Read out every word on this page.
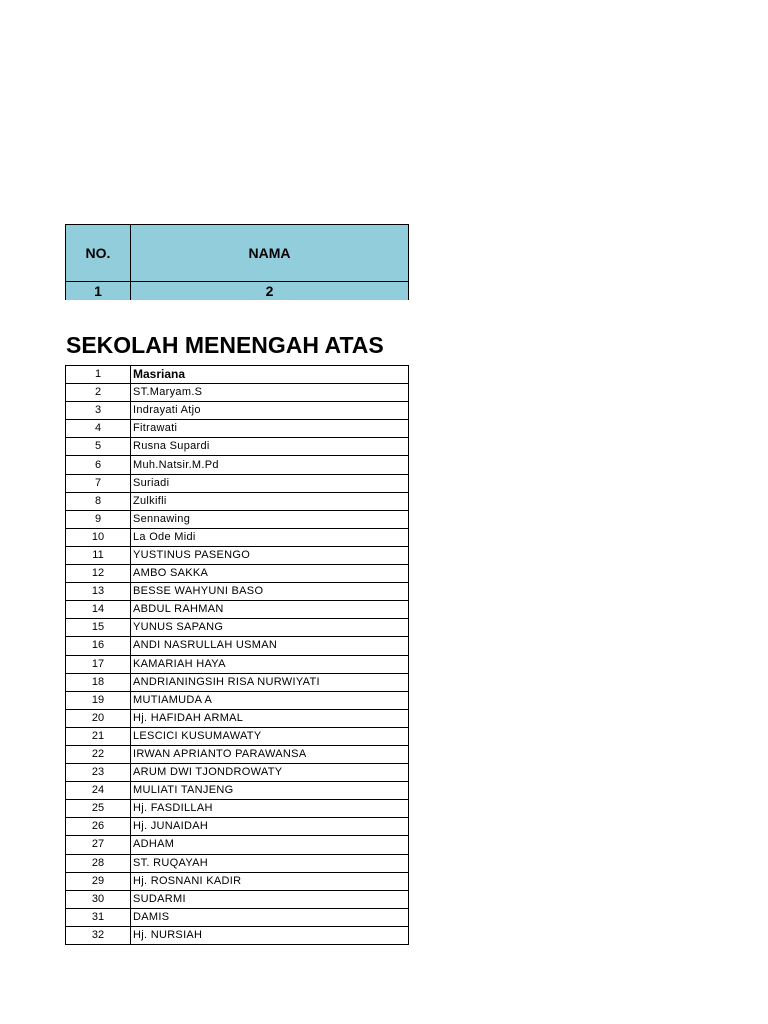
NO.	NAMA
1	2
SEKOLAH MENENGAH ATAS
1	Masriana
2	ST.Maryam.S
3	Indrayati Atjo
4	Fitrawati
5	Rusna Supardi
6	Muh.Natsir.M.Pd
7	Suriadi
8	Zulkifli
9	Sennawing
10	La Ode Midi
11	YUSTINUS PASENGO
12	AMBO SAKKA
13	BESSE WAHYUNI BASO
14	ABDUL RAHMAN
15	YUNUS SAPANG
16	ANDI NASRULLAH USMAN
17	KAMARIAH HAYA
18	ANDRIANINGSIH RISA NURWIYATI
19	MUTIAMUDA A
20	Hj. HAFIDAH ARMAL
21	LESCICI KUSUMAWATY
22	IRWAN APRIANTO PARAWANSA
23	ARUM DWI TJONDROWATY
24	MULIATI TANJENG
25	Hj. FASDILLAH
26	Hj. JUNAIDAH
27	ADHAM
28	ST. RUQAYAH
29	Hj. ROSNANI KADIR
30	SUDARMI
31	DAMIS
32	Hj. NURSIAH
